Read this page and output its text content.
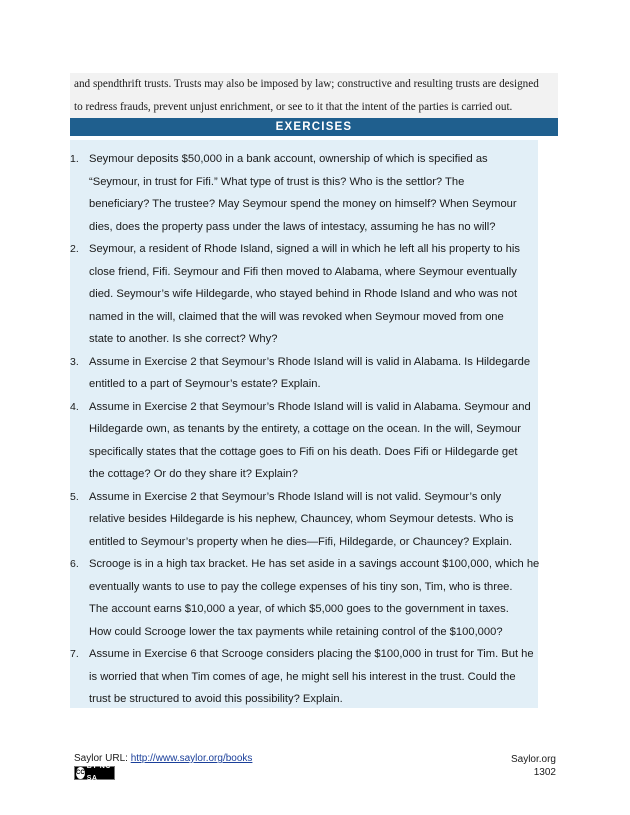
and spendthrift trusts. Trusts may also be imposed by law; constructive and resulting trusts are designed
to redress frauds, prevent unjust enrichment, or see to it that the intent of the parties is carried out.
EXERCISES
1. Seymour deposits $50,000 in a bank account, ownership of which is specified as
“Seymour, in trust for Fifi.” What type of trust is this? Who is the settlor? The
beneficiary? The trustee? May Seymour spend the money on himself? When Seymour
dies, does the property pass under the laws of intestacy, assuming he has no will?
2. Seymour, a resident of Rhode Island, signed a will in which he left all his property to his
close friend, Fifi. Seymour and Fifi then moved to Alabama, where Seymour eventually
died. Seymour’s wife Hildegarde, who stayed behind in Rhode Island and who was not
named in the will, claimed that the will was revoked when Seymour moved from one
state to another. Is she correct? Why?
3. Assume in Exercise 2 that Seymour’s Rhode Island will is valid in Alabama. Is Hildegarde
entitled to a part of Seymour’s estate? Explain.
4. Assume in Exercise 2 that Seymour’s Rhode Island will is valid in Alabama. Seymour and
Hildegarde own, as tenants by the entirety, a cottage on the ocean. In the will, Seymour
specifically states that the cottage goes to Fifi on his death. Does Fifi or Hildegarde get
the cottage? Or do they share it? Explain?
5. Assume in Exercise 2 that Seymour’s Rhode Island will is not valid. Seymour’s only
relative besides Hildegarde is his nephew, Chauncey, whom Seymour detests. Who is
entitled to Seymour’s property when he dies—Fifi, Hildegarde, or Chauncey? Explain.
6. Scrooge is in a high tax bracket. He has set aside in a savings account $100,000, which he
eventually wants to use to pay the college expenses of his tiny son, Tim, who is three.
The account earns $10,000 a year, of which $5,000 goes to the government in taxes.
How could Scrooge lower the tax payments while retaining control of the $100,000?
7. Assume in Exercise 6 that Scrooge considers placing the $100,000 in trust for Tim. But he
is worried that when Tim comes of age, he might sell his interest in the trust. Could the
trust be structured to avoid this possibility? Explain.
Saylor URL: http://www.saylor.org/books
CC
BY NC SA
Saylor.org
1302
